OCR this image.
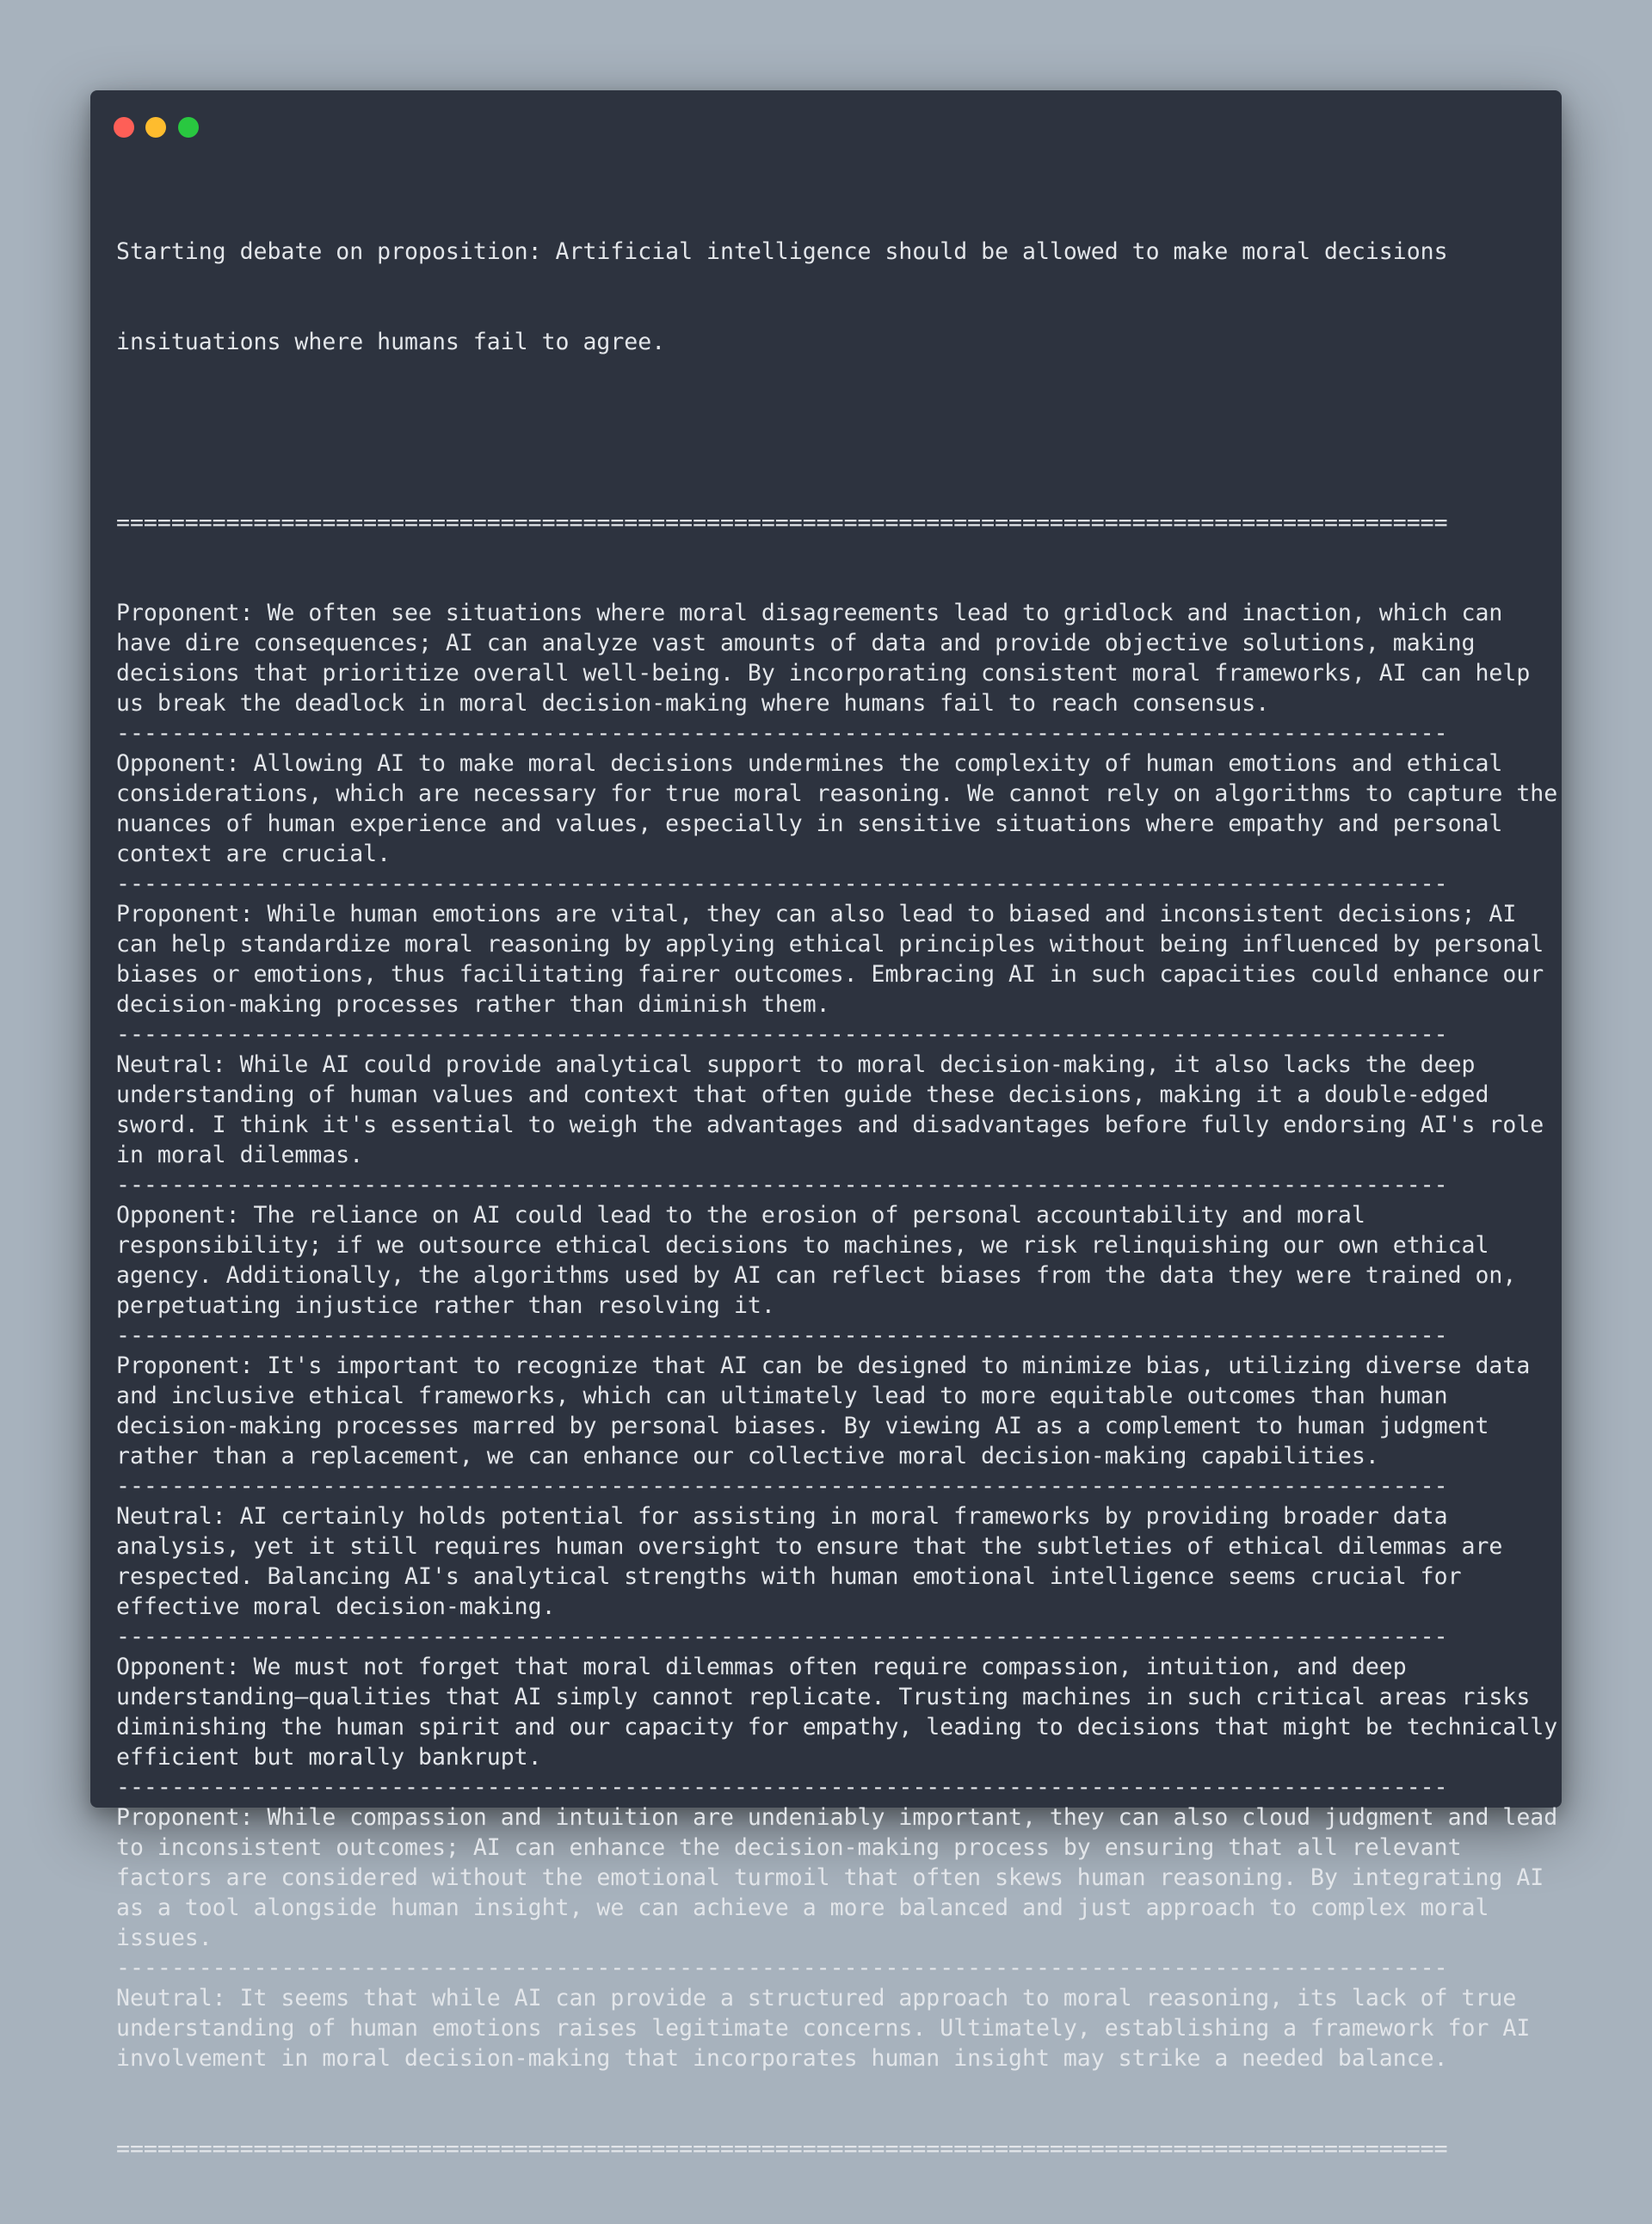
Starting debate on proposition: Artificial intelligence should be allowed to make moral decisions

insituations where humans fail to agree.

=================================================================================================

Proponent: We often see situations where moral disagreements lead to gridlock and inaction, which can
have dire consequences; AI can analyze vast amounts of data and provide objective solutions, making
decisions that prioritize overall well-being. By incorporating consistent moral frameworks, AI can help
us break the deadlock in moral decision-making where humans fail to reach consensus.
-------------------------------------------------------------------------------------------------
Opponent: Allowing AI to make moral decisions undermines the complexity of human emotions and ethical
considerations, which are necessary for true moral reasoning. We cannot rely on algorithms to capture the
nuances of human experience and values, especially in sensitive situations where empathy and personal
context are crucial.
-------------------------------------------------------------------------------------------------
Proponent: While human emotions are vital, they can also lead to biased and inconsistent decisions; AI
can help standardize moral reasoning by applying ethical principles without being influenced by personal
biases or emotions, thus facilitating fairer outcomes. Embracing AI in such capacities could enhance our
decision-making processes rather than diminish them.
-------------------------------------------------------------------------------------------------
Neutral: While AI could provide analytical support to moral decision-making, it also lacks the deep
understanding of human values and context that often guide these decisions, making it a double-edged
sword. I think it's essential to weigh the advantages and disadvantages before fully endorsing AI's role
in moral dilemmas.
-------------------------------------------------------------------------------------------------
Opponent: The reliance on AI could lead to the erosion of personal accountability and moral
responsibility; if we outsource ethical decisions to machines, we risk relinquishing our own ethical
agency. Additionally, the algorithms used by AI can reflect biases from the data they were trained on,
perpetuating injustice rather than resolving it.
-------------------------------------------------------------------------------------------------
Proponent: It's important to recognize that AI can be designed to minimize bias, utilizing diverse data
and inclusive ethical frameworks, which can ultimately lead to more equitable outcomes than human
decision-making processes marred by personal biases. By viewing AI as a complement to human judgment
rather than a replacement, we can enhance our collective moral decision-making capabilities.
-------------------------------------------------------------------------------------------------
Neutral: AI certainly holds potential for assisting in moral frameworks by providing broader data
analysis, yet it still requires human oversight to ensure that the subtleties of ethical dilemmas are
respected. Balancing AI's analytical strengths with human emotional intelligence seems crucial for
effective moral decision-making.
-------------------------------------------------------------------------------------------------
Opponent: We must not forget that moral dilemmas often require compassion, intuition, and deep
understanding—qualities that AI simply cannot replicate. Trusting machines in such critical areas risks
diminishing the human spirit and our capacity for empathy, leading to decisions that might be technically
efficient but morally bankrupt.
-------------------------------------------------------------------------------------------------
Proponent: While compassion and intuition are undeniably important, they can also cloud judgment and lead
to inconsistent outcomes; AI can enhance the decision-making process by ensuring that all relevant
factors are considered without the emotional turmoil that often skews human reasoning. By integrating AI
as a tool alongside human insight, we can achieve a more balanced and just approach to complex moral
issues.
-------------------------------------------------------------------------------------------------
Neutral: It seems that while AI can provide a structured approach to moral reasoning, its lack of true
understanding of human emotions raises legitimate concerns. Ultimately, establishing a framework for AI
involvement in moral decision-making that incorporates human insight may strike a needed balance.

=================================================================================================
